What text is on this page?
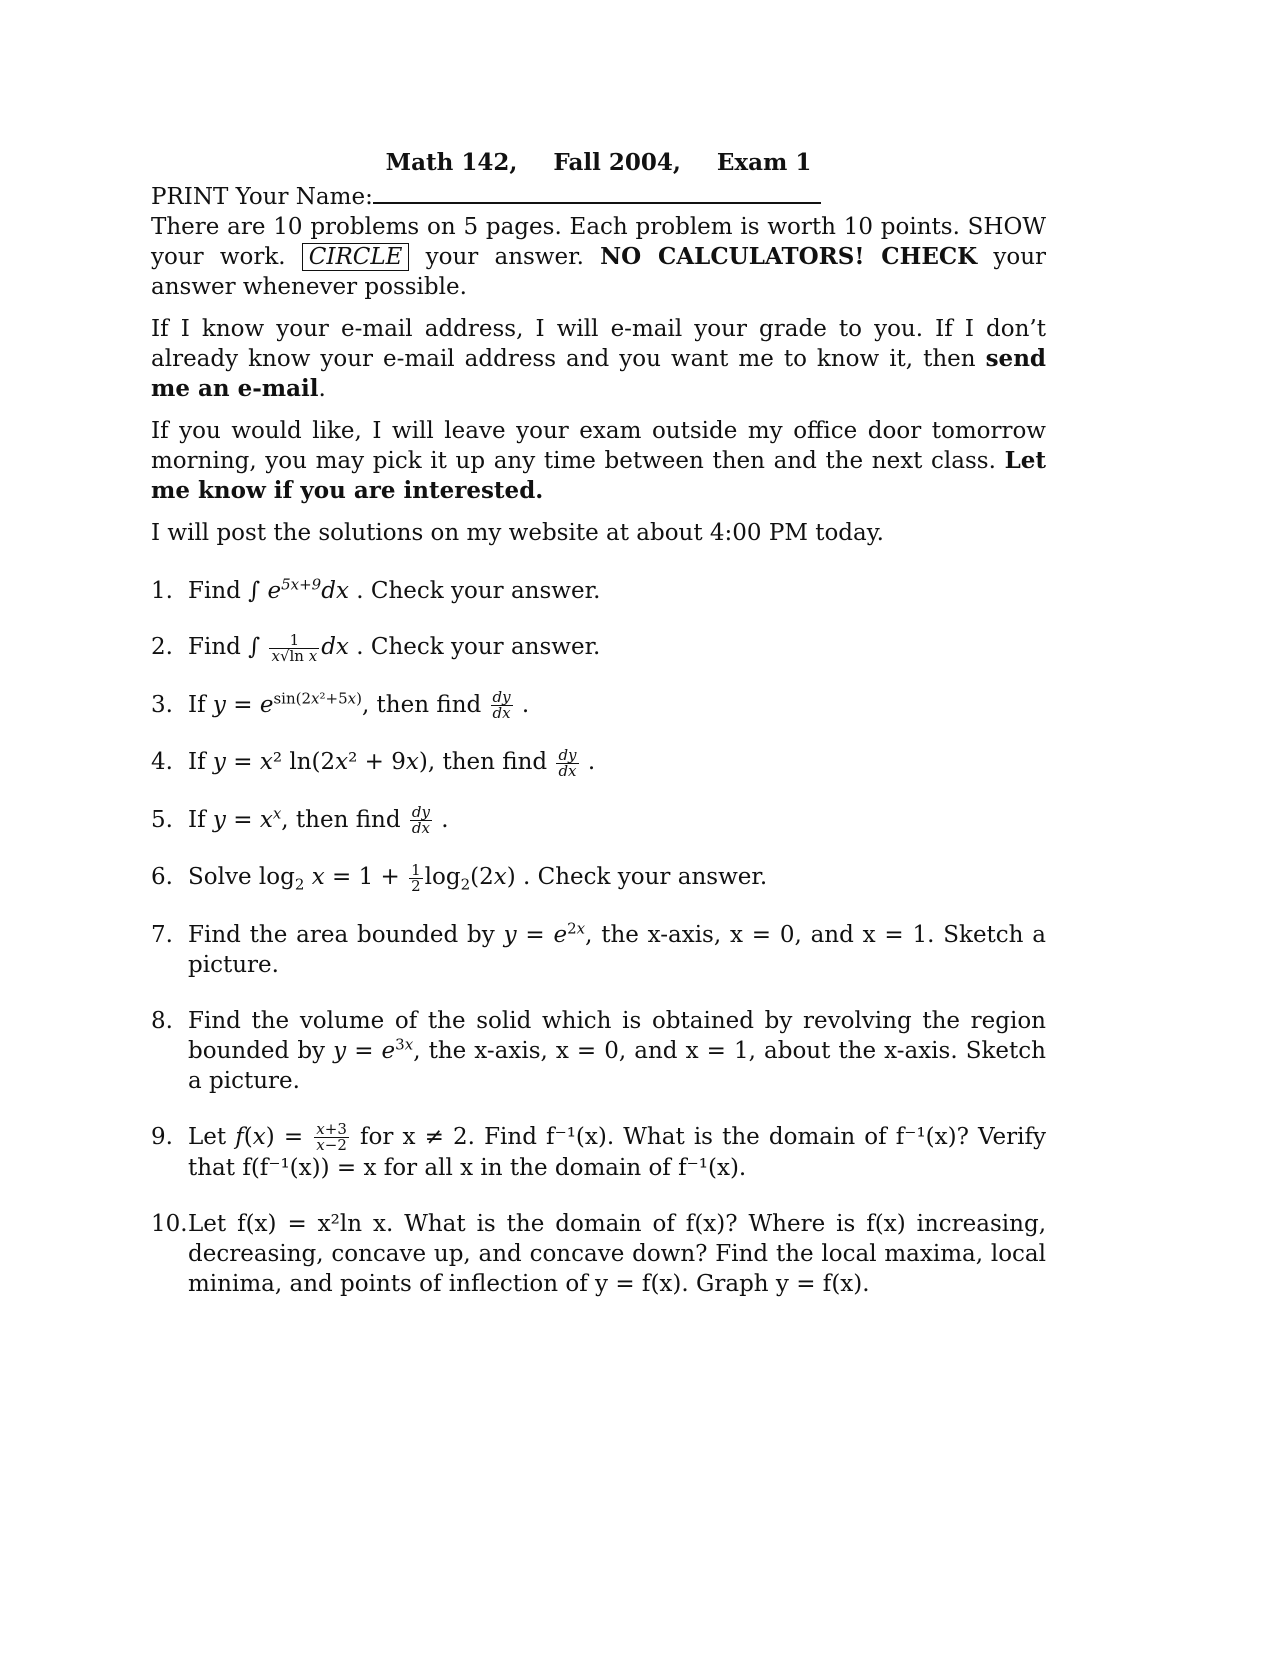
Math 142, Fall 2004, Exam 1
PRINT Your Name:

There are 10 problems on 5 pages. Each problem is worth 10 points. SHOW your work. CIRCLE your answer. NO CALCULATORS! CHECK your answer whenever possible.

If I know your e-mail address, I will e-mail your grade to you. If I don’t already know your e-mail address and you want me to know it, then send me an e-mail.

If you would like, I will leave your exam outside my office door tomorrow morning, you may pick it up any time between then and the next class. Let me know if you are interested.

I will post the solutions on my website at about 4:00 PM today.

1. Find ∫ $e^{5x+9}dx$ . Check your answer.
2. Find ∫ $\frac{1}{\text{x√ln x}}$ dx . Check your answer.
3. If $y = e^{sin(2x^2+5x)}$, then find $\frac{dy}{dx}$ .
4. If y = x² ln(2x² + 9x), then find $\frac{dy}{dx}$ .
5. If $y = x^x$, then find $\frac{dy}{dx}$ .
6. Solve $\log_2 x = 1 + \frac{1}{2} \log_2(2x)$ . Check your answer.
7. Find the area bounded by $y = e^{2x}$, the x-axis, x = 0, and x = 1. Sketch a picture.
8. Find the volume of the solid which is obtained by revolving the region bounded by $y = e^{3x}$, the x-axis, x = 0, and x = 1, about the x-axis. Sketch a picture.
9. Let $f(x) = \frac{x+3}{x-2}$ for x ≠ 2. Find f⁻¹(x). What is the domain of f⁻¹(x)? Verify that f(f⁻¹(x)) = x for all x in the domain of f⁻¹(x).
10. Let f(x) = x²ln x. What is the domain of f(x)? Where is f(x) increasing, decreasing, concave up, and concave down? Find the local maxima, local minima, and points of inflection of y = f(x). Graph y = f(x).
